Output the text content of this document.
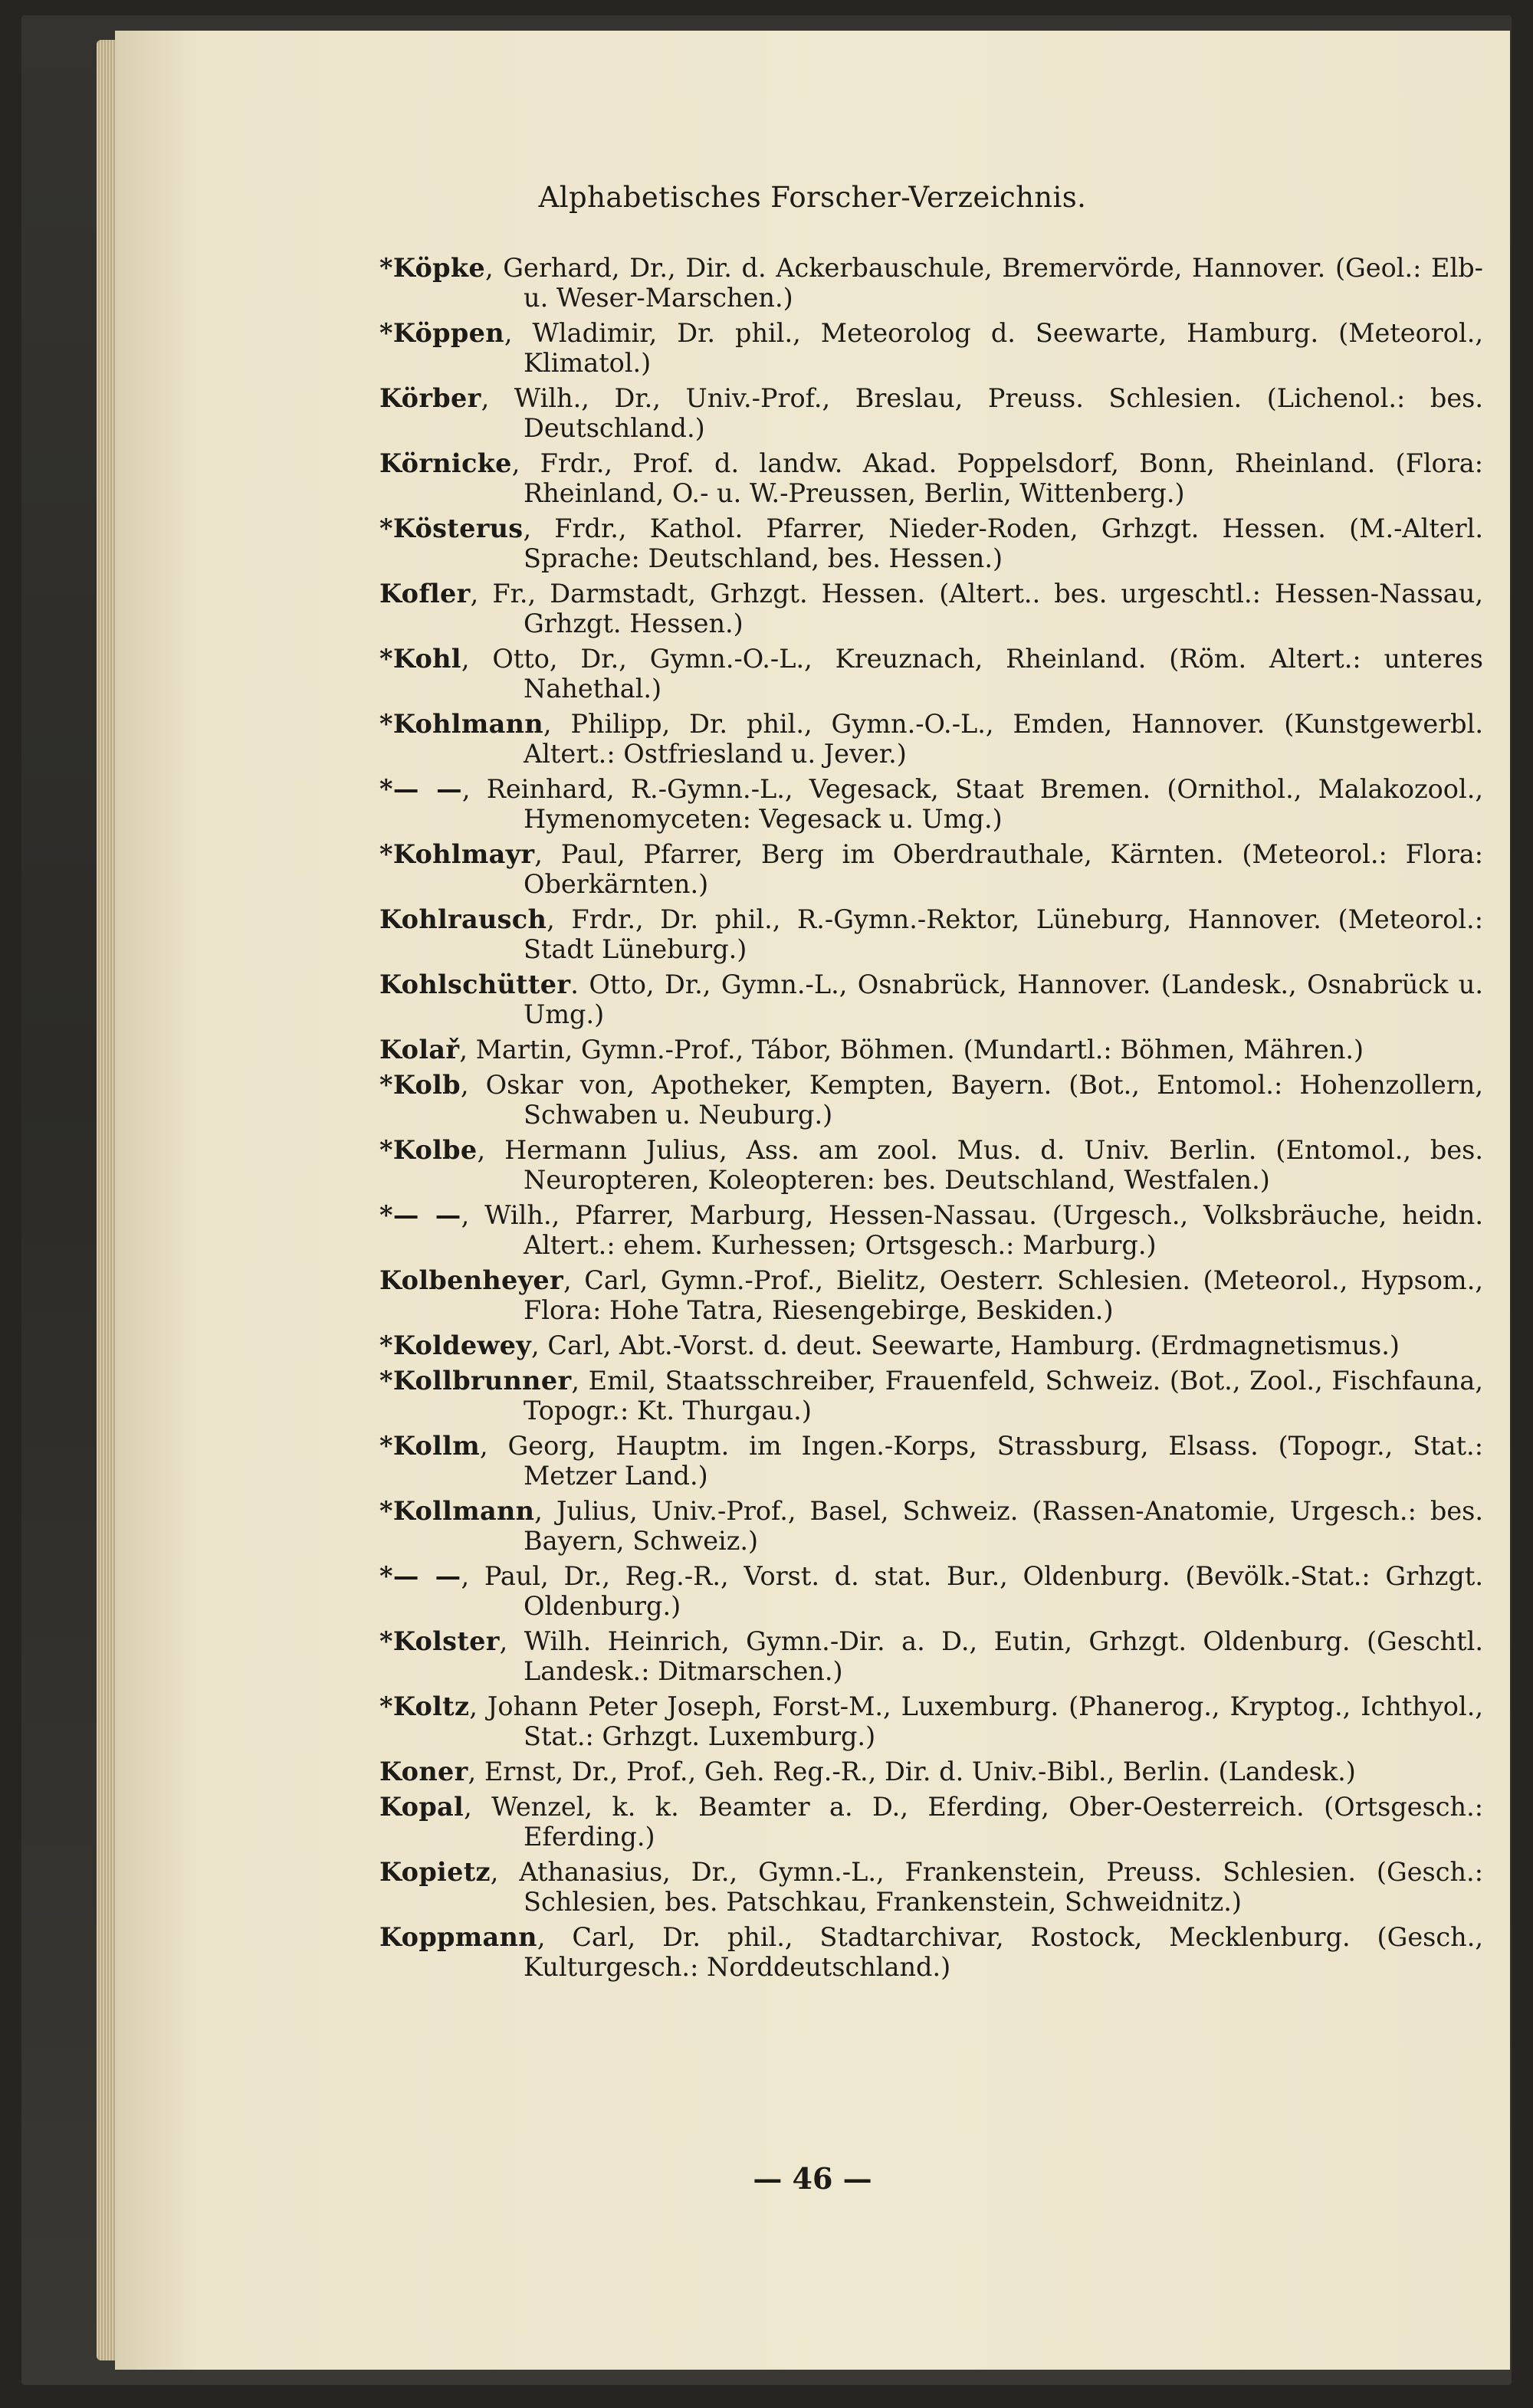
Alphabetisches Forscher-Verzeichnis.
*Köpke, Gerhard, Dr., Dir. d. Ackerbauschule, Bremervörde, Hannover. (Geol.: Elb- u. Weser-Marschen.)
*Köppen, Wladimir, Dr. phil., Meteorolog d. Seewarte, Hamburg. (Meteorol., Klimatol.)
Körber, Wilh., Dr., Univ.-Prof., Breslau, Preuss. Schlesien. (Lichenol.: bes. Deutschland.)
Körnicke, Frdr., Prof. d. landw. Akad. Poppelsdorf, Bonn, Rheinland. (Flora: Rheinland, O.- u. W.-Preussen, Berlin, Wittenberg.)
*Kösterus, Frdr., Kathol. Pfarrer, Nieder-Roden, Grhzgt. Hessen. (M.-Alterl. Sprache: Deutschland, bes. Hessen.)
Kofler, Fr., Darmstadt, Grhzgt. Hessen. (Altert.. bes. urgeschtl.: Hessen-Nassau, Grhzgt. Hessen.)
*Kohl, Otto, Dr., Gymn.-O.-L., Kreuznach, Rheinland. (Röm. Altert.: unteres Nahethal.)
*Kohlmann, Philipp, Dr. phil., Gymn.-O.-L., Emden, Hannover. (Kunstgewerbl. Altert.: Ostfriesland u. Jever.)
*— —, Reinhard, R.-Gymn.-L., Vegesack, Staat Bremen. (Ornithol., Malakozool., Hymenomyceten: Vegesack u. Umg.)
*Kohlmayr, Paul, Pfarrer, Berg im Oberdrauthale, Kärnten. (Meteorol.: Flora: Oberkärnten.)
Kohlrausch, Frdr., Dr. phil., R.-Gymn.-Rektor, Lüneburg, Hannover. (Meteorol.: Stadt Lüneburg.)
Kohlschütter. Otto, Dr., Gymn.-L., Osnabrück, Hannover. (Landesk., Osnabrück u. Umg.)
Kolař, Martin, Gymn.-Prof., Tábor, Böhmen. (Mundartl.: Böhmen, Mähren.)
*Kolb, Oskar von, Apotheker, Kempten, Bayern. (Bot., Entomol.: Hohenzollern, Schwaben u. Neuburg.)
*Kolbe, Hermann Julius, Ass. am zool. Mus. d. Univ. Berlin. (Entomol., bes. Neuropteren, Koleopteren: bes. Deutschland, Westfalen.)
*— —, Wilh., Pfarrer, Marburg, Hessen-Nassau. (Urgesch., Volksbräuche, heidn. Altert.: ehem. Kurhessen; Ortsgesch.: Marburg.)
Kolbenheyer, Carl, Gymn.-Prof., Bielitz, Oesterr. Schlesien. (Meteorol., Hypsom., Flora: Hohe Tatra, Riesengebirge, Beskiden.)
*Koldewey, Carl, Abt.-Vorst. d. deut. Seewarte, Hamburg. (Erdmagnetismus.)
*Kollbrunner, Emil, Staatsschreiber, Frauenfeld, Schweiz. (Bot., Zool., Fischfauna, Topogr.: Kt. Thurgau.)
*Kollm, Georg, Hauptm. im Ingen.-Korps, Strassburg, Elsass. (Topogr., Stat.: Metzer Land.)
*Kollmann, Julius, Univ.-Prof., Basel, Schweiz. (Rassen-Anatomie, Urgesch.: bes. Bayern, Schweiz.)
*— —, Paul, Dr., Reg.-R., Vorst. d. stat. Bur., Oldenburg. (Bevölk.-Stat.: Grhzgt. Oldenburg.)
*Kolster, Wilh. Heinrich, Gymn.-Dir. a. D., Eutin, Grhzgt. Oldenburg. (Geschtl. Landesk.: Ditmarschen.)
*Koltz, Johann Peter Joseph, Forst-M., Luxemburg. (Phanerog., Kryptog., Ichthyol., Stat.: Grhzgt. Luxemburg.)
Koner, Ernst, Dr., Prof., Geh. Reg.-R., Dir. d. Univ.-Bibl., Berlin. (Landesk.)
Kopal, Wenzel, k. k. Beamter a. D., Eferding, Ober-Oesterreich. (Ortsgesch.: Eferding.)
Kopietz, Athanasius, Dr., Gymn.-L., Frankenstein, Preuss. Schlesien. (Gesch.: Schlesien, bes. Patschkau, Frankenstein, Schweidnitz.)
Koppmann, Carl, Dr. phil., Stadtarchivar, Rostock, Mecklenburg. (Gesch., Kulturgesch.: Norddeutschland.)
— 46 —
